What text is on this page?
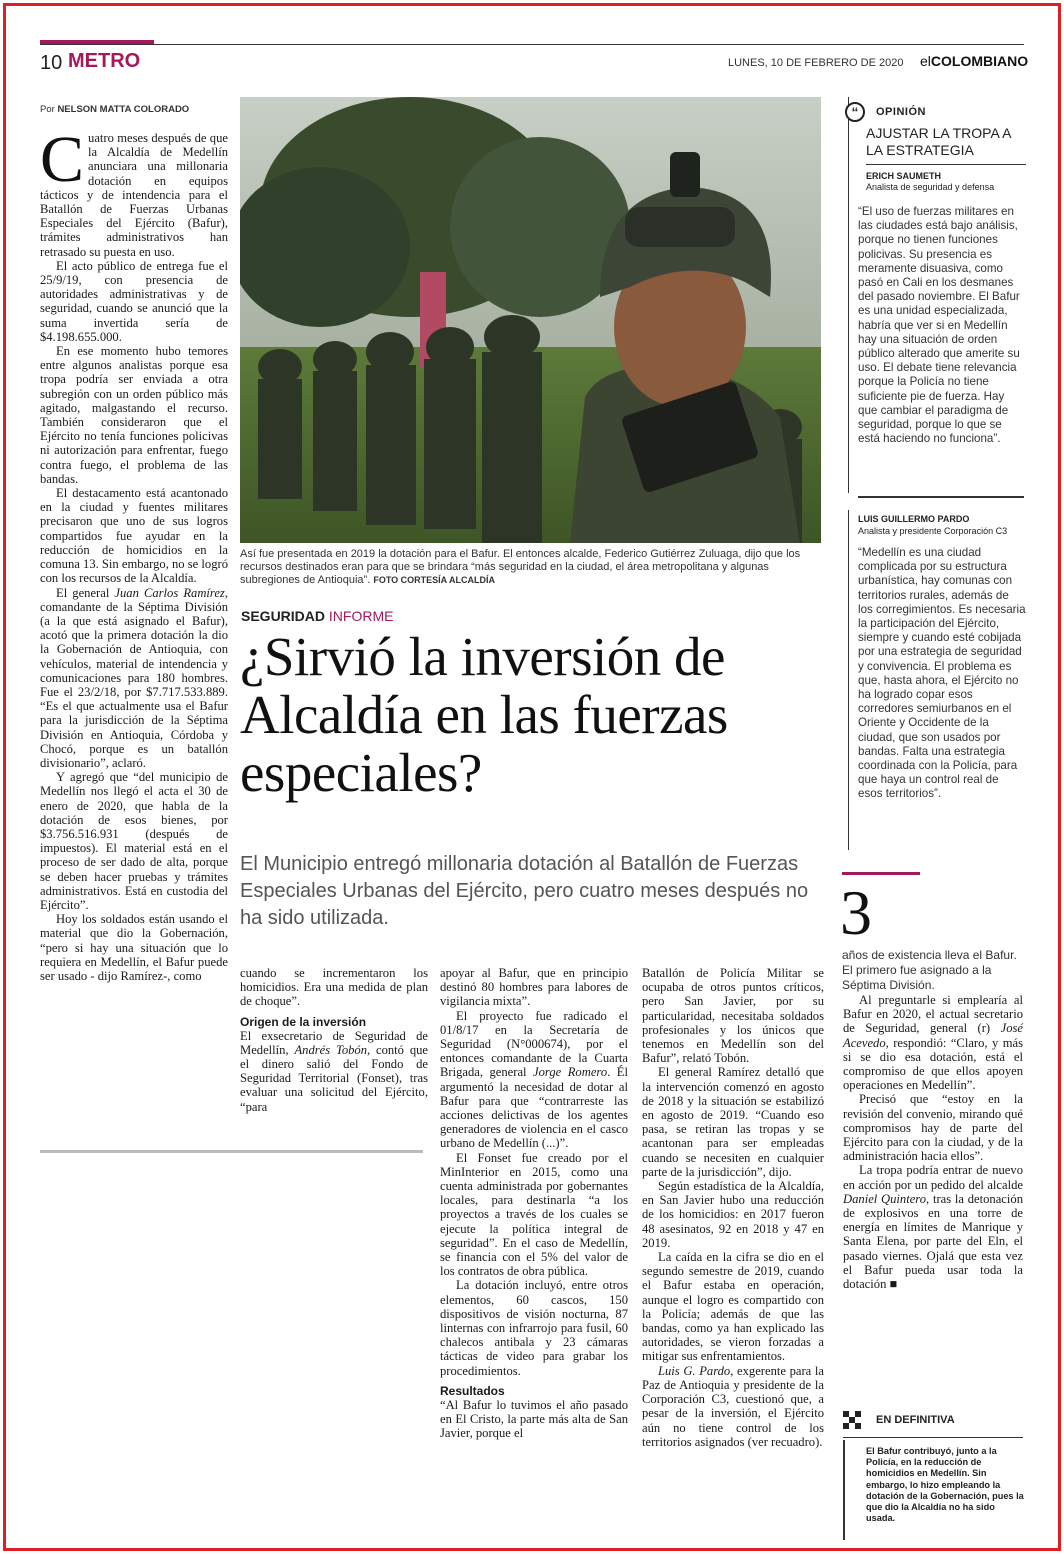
10 METRO	LUNES, 10 DE FEBRERO DE 2020 elCOLOMBIANO
Por NELSON MATTA COLORADO

Cuatro meses después de que la Alcaldía de Medellín anunciara una millonaria dotación en equipos tácticos y de intendencia para el Batallón de Fuerzas Urbanas Especiales del Ejército (Bafur), trámites administrativos han retrasado su puesta en uso.

El acto público de entrega fue el 25/9/19, con presencia de autoridades administrativas y de seguridad, cuando se anunció que la suma invertida sería de $4.198.655.000.

En ese momento hubo temores entre algunos analistas porque esa tropa podría ser enviada a otra subregión con un orden público más agitado, malgastando el recurso. También consideraron que el Ejército no tenía funciones policivas ni autorización para enfrentar, fuego contra fuego, el problema de las bandas.

El destacamento está acantonado en la ciudad y fuentes militares precisaron que uno de sus logros compartidos fue ayudar en la reducción de homicidios en la comuna 13. Sin embargo, no se logró con los recursos de la Alcaldía.

El general Juan Carlos Ramírez, comandante de la Séptima División (a la que está asignado el Bafur), acotó que la primera dotación la dio la Gobernación de Antioquia, con vehículos, material de intendencia y comunicaciones para 180 hombres. Fue el 23/2/18, por $7.717.533.889. “Es el que actualmente usa el Bafur para la jurisdicción de la Séptima División en Antioquia, Córdoba y Chocó, porque es un batallón divisionario”, aclaró.

Y agregó que “del municipio de Medellín nos llegó el acta el 30 de enero de 2020, que habla de la dotación de esos bienes, por $3.756.516.931 (después de impuestos). El material está en el proceso de ser dado de alta, porque se deben hacer pruebas y trámites administrativos. Está en custodia del Ejército”.

Hoy los soldados están usando el material que dio la Gobernación, “pero si hay una situación que lo requiera en Medellín, el Bafur puede ser usado - dijo Ramírez-, como

Así fue presentada en 2019 la dotación para el Bafur. El entonces alcalde, Federico Gutiérrez Zuluaga, dijo que los recursos destinados eran para que se brindara “más seguridad en la ciudad, el área metropolitana y algunas subregiones de Antioquia”. FOTO CORTESÍA ALCALDÍA
SEGURIDAD INFORME
¿Sirvió la inversión de Alcaldía en las fuerzas especiales?
El Municipio entregó millonaria dotación al Batallón de Fuerzas Especiales Urbanas del Ejército, pero cuatro meses después no ha sido utilizada.

cuando se incrementaron los homicidios. Era una medida de plan de choque”.

Origen de la inversión

El exsecretario de Seguridad de Medellín, Andrés Tobón, contó que el dinero salió del Fondo de Seguridad Territorial (Fonset), tras evaluar una solicitud del Ejército, “para

apoyar al Bafur, que en principio destinó 80 hombres para labores de vigilancia mixta”.

El proyecto fue radicado el 01/8/17 en la Secretaría de Seguridad (N°000674), por el entonces comandante de la Cuarta Brigada, general Jorge Romero. Él argumentó la necesidad de dotar al Bafur para que “contrarreste las acciones delictivas de los agentes generadores de violencia en el casco urbano de Medellín (...)”.

El Fonset fue creado por el MinInterior en 2015, como una cuenta administrada por gobernantes locales, para destinarla “a los proyectos a través de los cuales se ejecute la política integral de seguridad”. En el caso de Medellín, se financia con el 5% del valor de los contratos de obra pública.

La dotación incluyó, entre otros elementos, 60 cascos, 150 dispositivos de visión nocturna, 87 linternas con infrarrojo para fusil, 60 chalecos antibala y 23 cámaras tácticas de video para grabar los procedimientos.

Resultados

“Al Bafur lo tuvimos el año pasado en El Cristo, la parte más alta de San Javier, porque el

Batallón de Policía Militar se ocupaba de otros puntos críticos, pero San Javier, por su particularidad, necesitaba soldados profesionales y los únicos que tenemos en Medellín son del Bafur”, relató Tobón.

El general Ramírez detalló que la intervención comenzó en agosto de 2018 y la situación se estabilizó en agosto de 2019. “Cuando eso pasa, se retiran las tropas y se acantonan para ser empleadas cuando se necesiten en cualquier parte de la jurisdicción”, dijo.

Según estadística de la Alcaldía, en San Javier hubo una reducción de los homicidios: en 2017 fueron 48 asesinatos, 92 en 2018 y 47 en 2019.

La caída en la cifra se dio en el segundo semestre de 2019, cuando el Bafur estaba en operación, aunque el logro es compartido con la Policía; además de que las bandas, como ya han explicado las autoridades, se vieron forzadas a mitigar sus enfrentamientos.

Luis G. Pardo, exgerente para la Paz de Antioquia y presidente de la Corporación C3, cuestionó que, a pesar de la inversión, el Ejército aún no tiene control de los territorios asignados (ver recuadro).

Al preguntarle si emplearía al Bafur en 2020, el actual secretario de Seguridad, general (r) José Acevedo, respondió: “Claro, y más si se dio esa dotación, está el compromiso de que ellos apoyen operaciones en Medellín”.

Precisó que “estoy en la revisión del convenio, mirando qué compromisos hay de parte del Ejército para con la ciudad, y de la administración hacia ellos”.

La tropa podría entrar de nuevo en acción por un pedido del alcalde Daniel Quintero, tras la detonación de explosivos en una torre de energía en límites de Manrique y Santa Elena, por parte del Eln, el pasado viernes. Ojalá que esta vez el Bafur pueda usar toda la dotación ■

“	OPINIÓN
AJUSTAR LA TROPA A LA ESTRATEGIA
ERICH SAUMETH
Analista de seguridad y defensa
“El uso de fuerzas militares en las ciudades está bajo análisis, porque no tienen funciones policivas. Su presencia es meramente disuasiva, como pasó en Cali en los desmanes del pasado noviembre. El Bafur es una unidad especializada, habría que ver si en Medellín hay una situación de orden público alterado que amerite su uso. El debate tiene relevancia porque la Policía no tiene suficiente pie de fuerza. Hay que cambiar el paradigma de seguridad, porque lo que se está haciendo no funciona”.
LUIS GUILLERMO PARDO
Analista y presidente Corporación C3
“Medellín es una ciudad complicada por su estructura urbanística, hay comunas con territorios rurales, además de los corregimientos. Es necesaria la participación del Ejército, siempre y cuando esté cobijada por una estrategia de seguridad y convivencia. El problema es que, hasta ahora, el Ejército no ha logrado copar esos corredores semiurbanos en el Oriente y Occidente de la ciudad, que son usados por bandas. Falta una estrategia coordinada con la Policía, para que haya un control real de esos territorios”.
3
años de existencia lleva el Bafur. El primero fue asignado a la Séptima División.
EN DEFINITIVA
El Bafur contribuyó, junto a la Policía, en la reducción de homicidios en Medellín. Sin embargo, lo hizo empleando la dotación de la Gobernación, pues la que dio la Alcaldía no ha sido usada.
